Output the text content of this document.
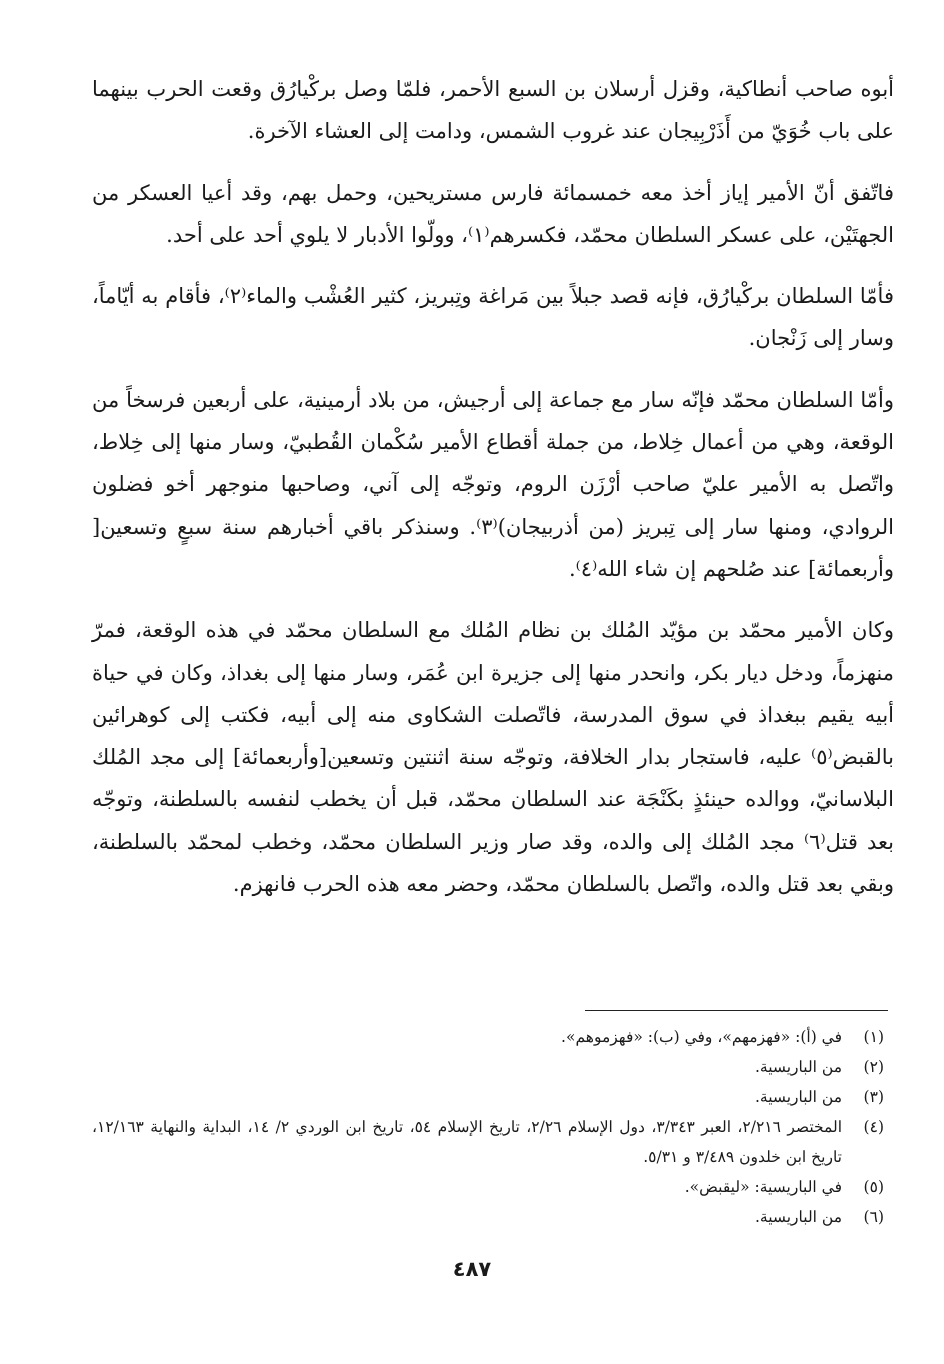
أبوه صاحب أنطاكية، وقزل أرسلان بن السبع الأحمر، فلمّا وصل برکْيارُق وقعت الحرب بينهما على باب خُوَيّ من أَذَرْبِيجان عند غروب الشمس، ودامت إلى العشاء الآخرة.

فاتّفق أنّ الأمير إياز أخذ معه خمسمائة فارس مستريحين، وحمل بهم، وقد أعيا العسكر من الجهتَيْن، على عسكر السلطان محمّد، فكسرهم⁽١⁾، وولّوا الأدبار لا يلوي أحد على أحد.

فأمّا السلطان بركْيارُق، فإنه قصد جبلاً بين مَراغة وتِبريز، كثير العُشْب والماء⁽٢⁾، فأقام به أيّاماً، وسار إلى زَنْجان.

وأمّا السلطان محمّد فإنّه سار مع جماعة إلى أرجيش، من بلاد أرمينية، على أربعين فرسخاً من الوقعة، وهي من أعمال خِلاط، من جملة أقطاع الأمير سُكْمان القُطبيّ، وسار منها إلى خِلاط، واتّصل به الأمير عليّ صاحب أرْزَن الروم، وتوجّه إلى آني، وصاحبها منوجهر أخو فضلون الروادي، ومنها سار إلى تِبريز (من أذربيجان)⁽٣⁾. وسنذكر باقي أخبارهم سنة سبعٍ وتسعين[ وأربعمائة] عند صُلحهم إن شاء الله⁽٤⁾.

وكان الأمير محمّد بن مؤيّد المُلك بن نظام المُلك مع السلطان محمّد في هذه الوقعة، فمرّ منهزماً، ودخل ديار بكر، وانحدر منها إلى جزيرة ابن عُمَر، وسار منها إلى بغداذ، وكان في حياة أبيه يقيم ببغداذ في سوق المدرسة، فاتّصلت الشكاوى منه إلى أبيه، فكتب إلى كوهرائين بالقبض⁽٥⁾ عليه، فاستجار بدار الخلافة، وتوجّه سنة اثنتين وتسعين[وأربعمائة] إلى مجد المُلك البلاسانيّ، ووالده حينئذٍ بكَنْجَة عند السلطان محمّد، قبل أن يخطب لنفسه بالسلطنة، وتوجّه بعد قتل⁽٦⁾ مجد المُلك إلى والده، وقد صار وزير السلطان محمّد، وخطب لمحمّد بالسلطنة، وبقي بعد قتل والده، واتّصل بالسلطان محمّد، وحضر معه هذه الحرب فانهزم.

(١)
في (أ): «فهزمهم»، وفي (ب): «فهزموهم».
(٢)
من الباريسية.
(٣)
من الباريسية.
(٤)
المختصر ٢/٢١٦، العبر ٣/٣٤٣، دول الإسلام ٢/٢٦، تاريخ الإسلام ٥٤، تاريخ ابن الوردي ٢/ ١٤، البداية والنهاية ١٢/١٦٣، تاريخ ابن خلدون ٣/٤٨٩ و ٥/٣١.
(٥)
في الباريسية: «ليقبض».
(٦)
من الباريسية.
٤٨٧
